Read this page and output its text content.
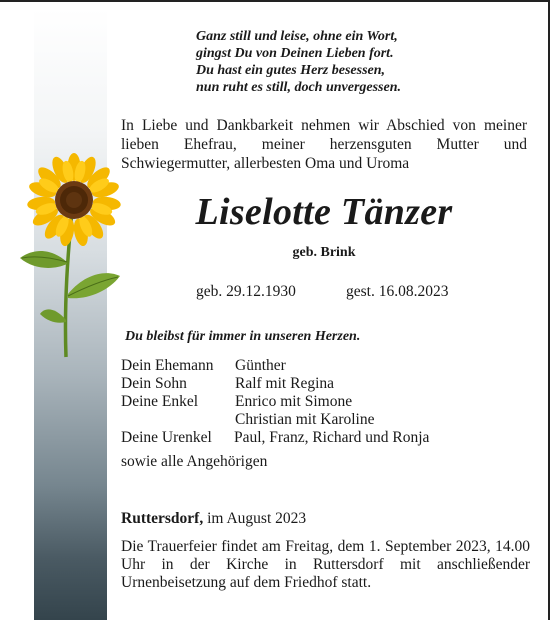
Ganz still und leise, ohne ein Wort,
gingst Du von Deinen Lieben fort.
Du hast ein gutes Herz besessen,
nun ruht es still, doch unvergessen.
In Liebe und Dankbarkeit nehmen wir Abschied von meiner lieben Ehefrau, meiner herzensguten Mutter und Schwiegermutter, allerbesten Oma und Uroma
Liselotte Tänzer
geb. Brink
geb. 29.12.1930	gest. 16.08.2023
Du bleibst für immer in unseren Herzen.
Dein Ehemann Günther
Dein Sohn	Ralf mit Regina
Deine Enkel Enrico mit Simone
Christian mit Karoline
Deine Urenkel Paul, Franz, Richard und Ronja
sowie alle Angehörigen
Ruttersdorf, im August 2023
Die Trauerfeier findet am Freitag, dem 1. September 2023, 14.00 Uhr in der Kirche in Ruttersdorf mit anschließender Urnenbeisetzung auf dem Friedhof statt.
